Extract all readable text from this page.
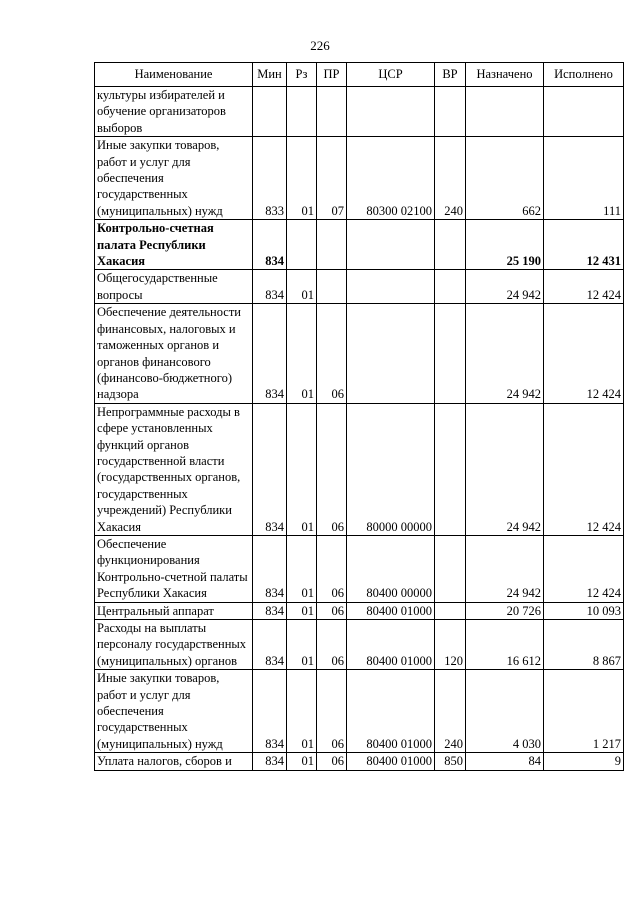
226
Наименование	Мин	Рз	ПР	ЦСР	ВР	Назначено	Исполнено
культуры избирателей и обучение организаторов выборов							
Иные закупки товаров, работ и услуг для обеспечения государственных (муниципальных) нужд	833	01	07	80300 02100	240	662	111
Контрольно-счетная палата Республики Хакасия	834					25 190	12 431
Общегосударственные вопросы	834	01				24 942	12 424
Обеспечение деятельности финансовых, налоговых и таможенных органов и органов финансового (финансово-бюджетного) надзора	834	01	06			24 942	12 424
Непрограммные расходы в сфере установленных функций органов государственной власти (государственных органов, государственных учреждений) Республики Хакасия	834	01	06	80000 00000		24 942	12 424
Обеспечение функционирования Контрольно-счетной палаты Республики Хакасия	834	01	06	80400 00000		24 942	12 424
Центральный аппарат	834	01	06	80400 01000		20 726	10 093
Расходы на выплаты персоналу государственных (муниципальных) органов	834	01	06	80400 01000	120	16 612	8 867
Иные закупки товаров, работ и услуг для обеспечения государственных (муниципальных) нужд	834	01	06	80400 01000	240	4 030	1 217
Уплата налогов, сборов и	834	01	06	80400 01000	850	84	9
